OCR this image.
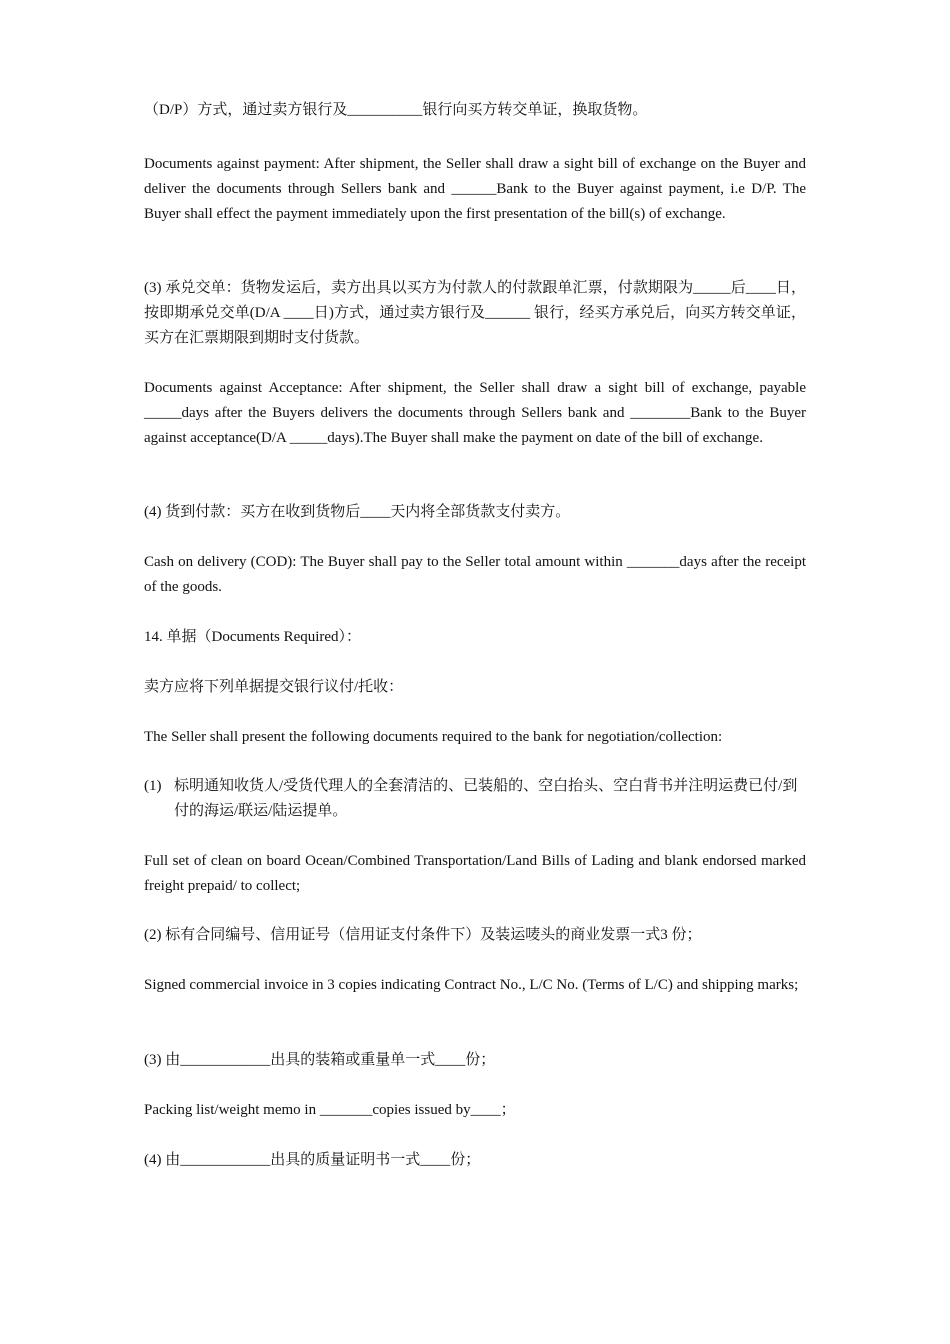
（D/P）方式，通过卖方银行及__________银行向买方转交单证，换取货物。

Documents against payment: After shipment, the Seller shall draw a sight bill of exchange on the Buyer and deliver the documents through Sellers bank and ______Bank to the Buyer against payment, i.e D/P. The Buyer shall effect the payment immediately upon the first presentation of the bill(s) of exchange.

(3) 承兑交单：货物发运后，卖方出具以买方为付款人的付款跟单汇票，付款期限为_____后____日，按即期承兑交单(D/A ____日)方式，通过卖方银行及______ 银行，经买方承兑后，向买方转交单证，买方在汇票期限到期时支付货款。

Documents against Acceptance: After shipment, the Seller shall draw a sight bill of exchange, payable _____days after the Buyers delivers the documents through Sellers bank and ________Bank to the Buyer against acceptance(D/A _____days).The Buyer shall make the payment on date of the bill of exchange.

(4) 货到付款：买方在收到货物后____天内将全部货款支付卖方。

Cash on delivery (COD): The Buyer shall pay to the Seller total amount within _______days after the receipt of the goods.

14. 单据（Documents Required）：

卖方应将下列单据提交银行议付/托收：

The Seller shall present the following documents required to the bank for negotiation/collection:

(1) 标明通知收货人/受货代理人的全套清洁的、已装船的、空白抬头、空白背书并注明运费已付/到付的海运/联运/陆运提单。

Full set of clean on board Ocean/Combined Transportation/Land Bills of Lading and blank endorsed marked freight prepaid/ to collect;

(2) 标有合同编号、信用证号（信用证支付条件下）及装运唛头的商业发票一式3 份；

Signed commercial invoice in 3 copies indicating Contract No., L/C No. (Terms of L/C) and shipping marks;

(3) 由____________出具的装箱或重量单一式____份；

Packing list/weight memo in _______copies issued by____；

(4) 由____________出具的质量证明书一式____份；
